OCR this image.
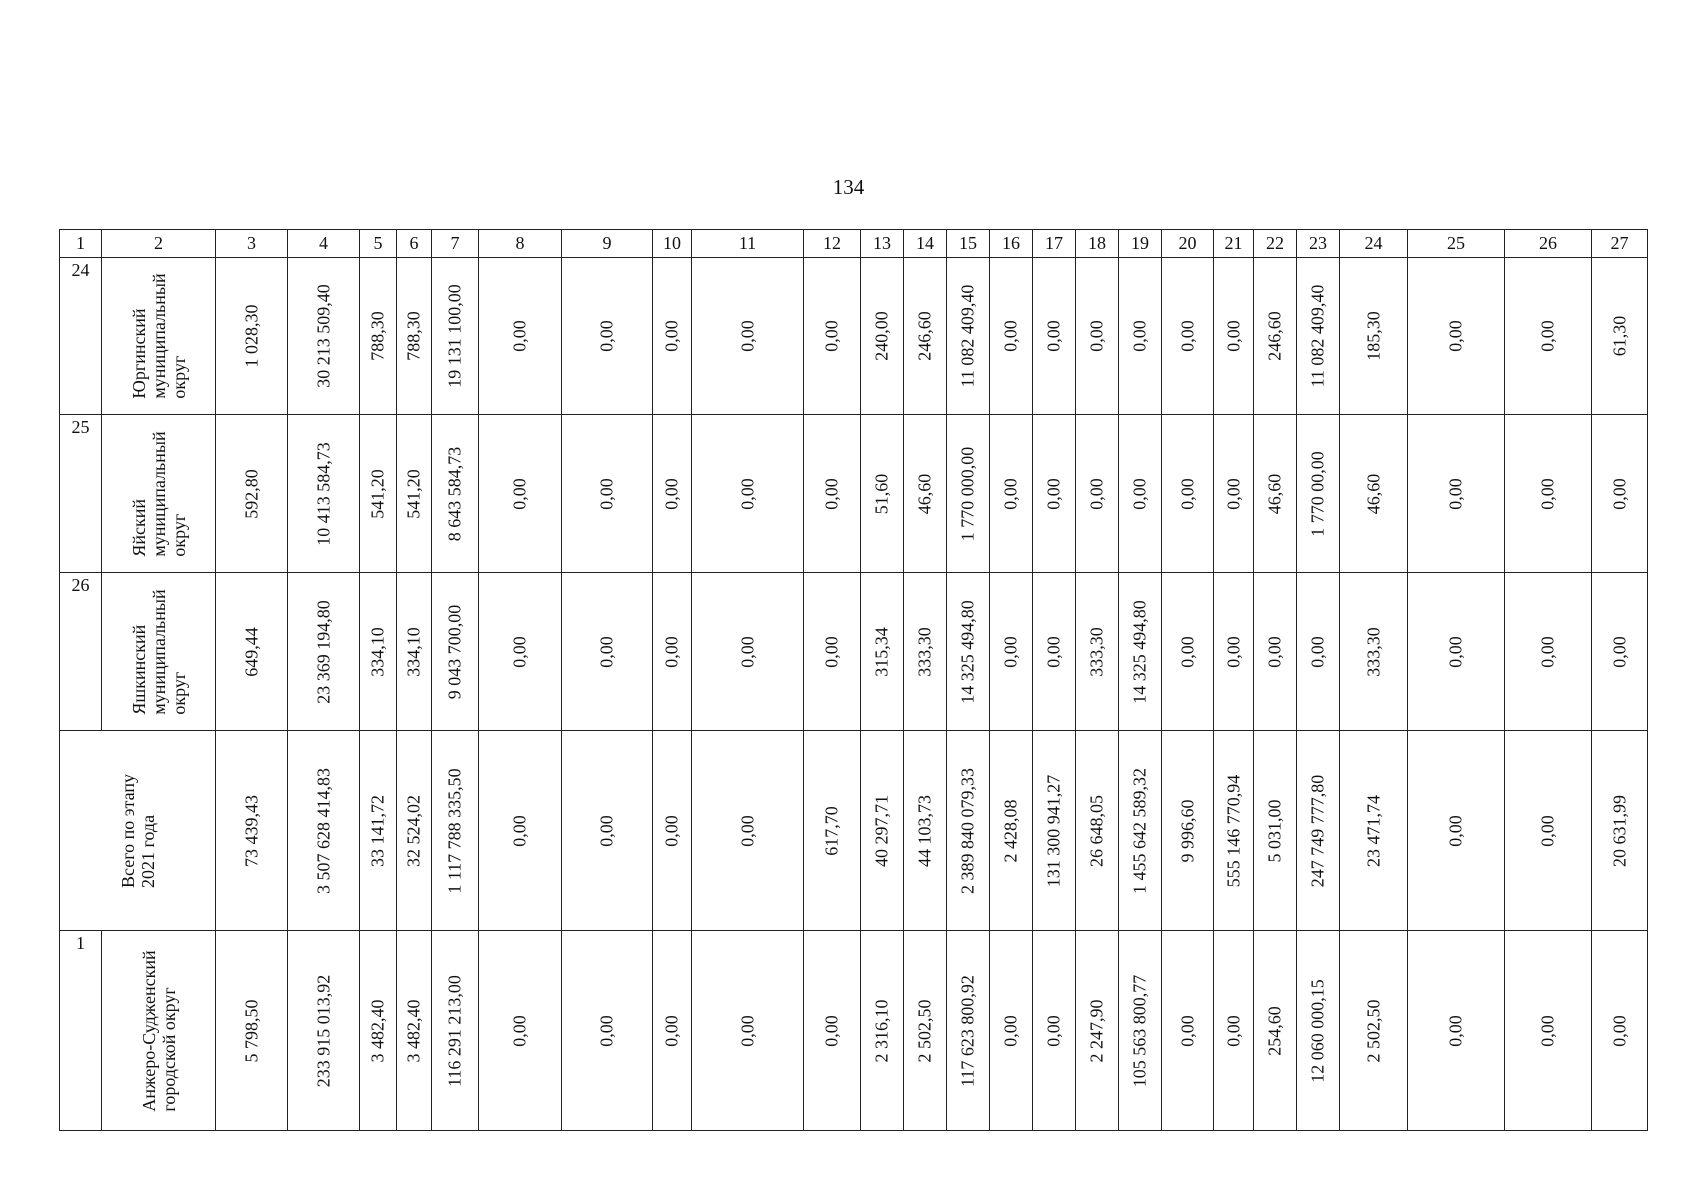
134
1	2	3	4	5	6	7	8	9	10	11	12	13	14	15	16	17	18	19	20	21	22	23	24	25	26	27

24	Юргинский муниципальный округ	1 028,30	30 213 509,40	788,30	788,30	19 131 100,00	0,00	0,00	0,00	0,00	0,00	240,00	246,60	11 082 409,40	0,00	0,00	0,00	0,00	0,00	0,00	246,60	11 082 409,40	185,30	0,00	0,00	61,30

25	Яйский муниципальный округ	592,80	10 413 584,73	541,20	541,20	8 643 584,73	0,00	0,00	0,00	0,00	0,00	51,60	46,60	1 770 000,00	0,00	0,00	0,00	0,00	0,00	0,00	46,60	1 770 00,00	46,60	0,00	0,00	0,00

26	Яшкинский муниципальный округ	649,44	23 369 194,80	334,10	334,10	9 043 700,00	0,00	0,00	0,00	0,00	0,00	315,34	333,30	14 325 494,80	0,00	0,00	333,30	14 325 494,80	0,00	0,00	0,00	0,00	333,30	0,00	0,00	0,00

Всего по этапу 2021 года		73 439,43	3 507 628 414,83	33 141,72	32 524,02	1 117 788 335,50	0,00	0,00	0,00	0,00	617,70	40 297,71	44 103,73	2 389 840 079,33	2 428,08	131 300 941,27	26 648,05	1 455 642 589,32	9 996,60	555 146 770,94	5 031,00	247 749 777,80	23 471,74	0,00	0,00	20 631,99

1	Анжеро-Судженский городской округ	5 798,50	233 915 013,92	3 482,40	3 482,40	116 291 213,00	0,00	0,00	0,00	0,00	0,00	2 316,10	2 502,50	117 623 800,92	0,00	0,00	2 247,90	105 563 800,77	0,00	0,00	254,60	12 060 000,15	2 502,50	0,00	0,00	0,00
